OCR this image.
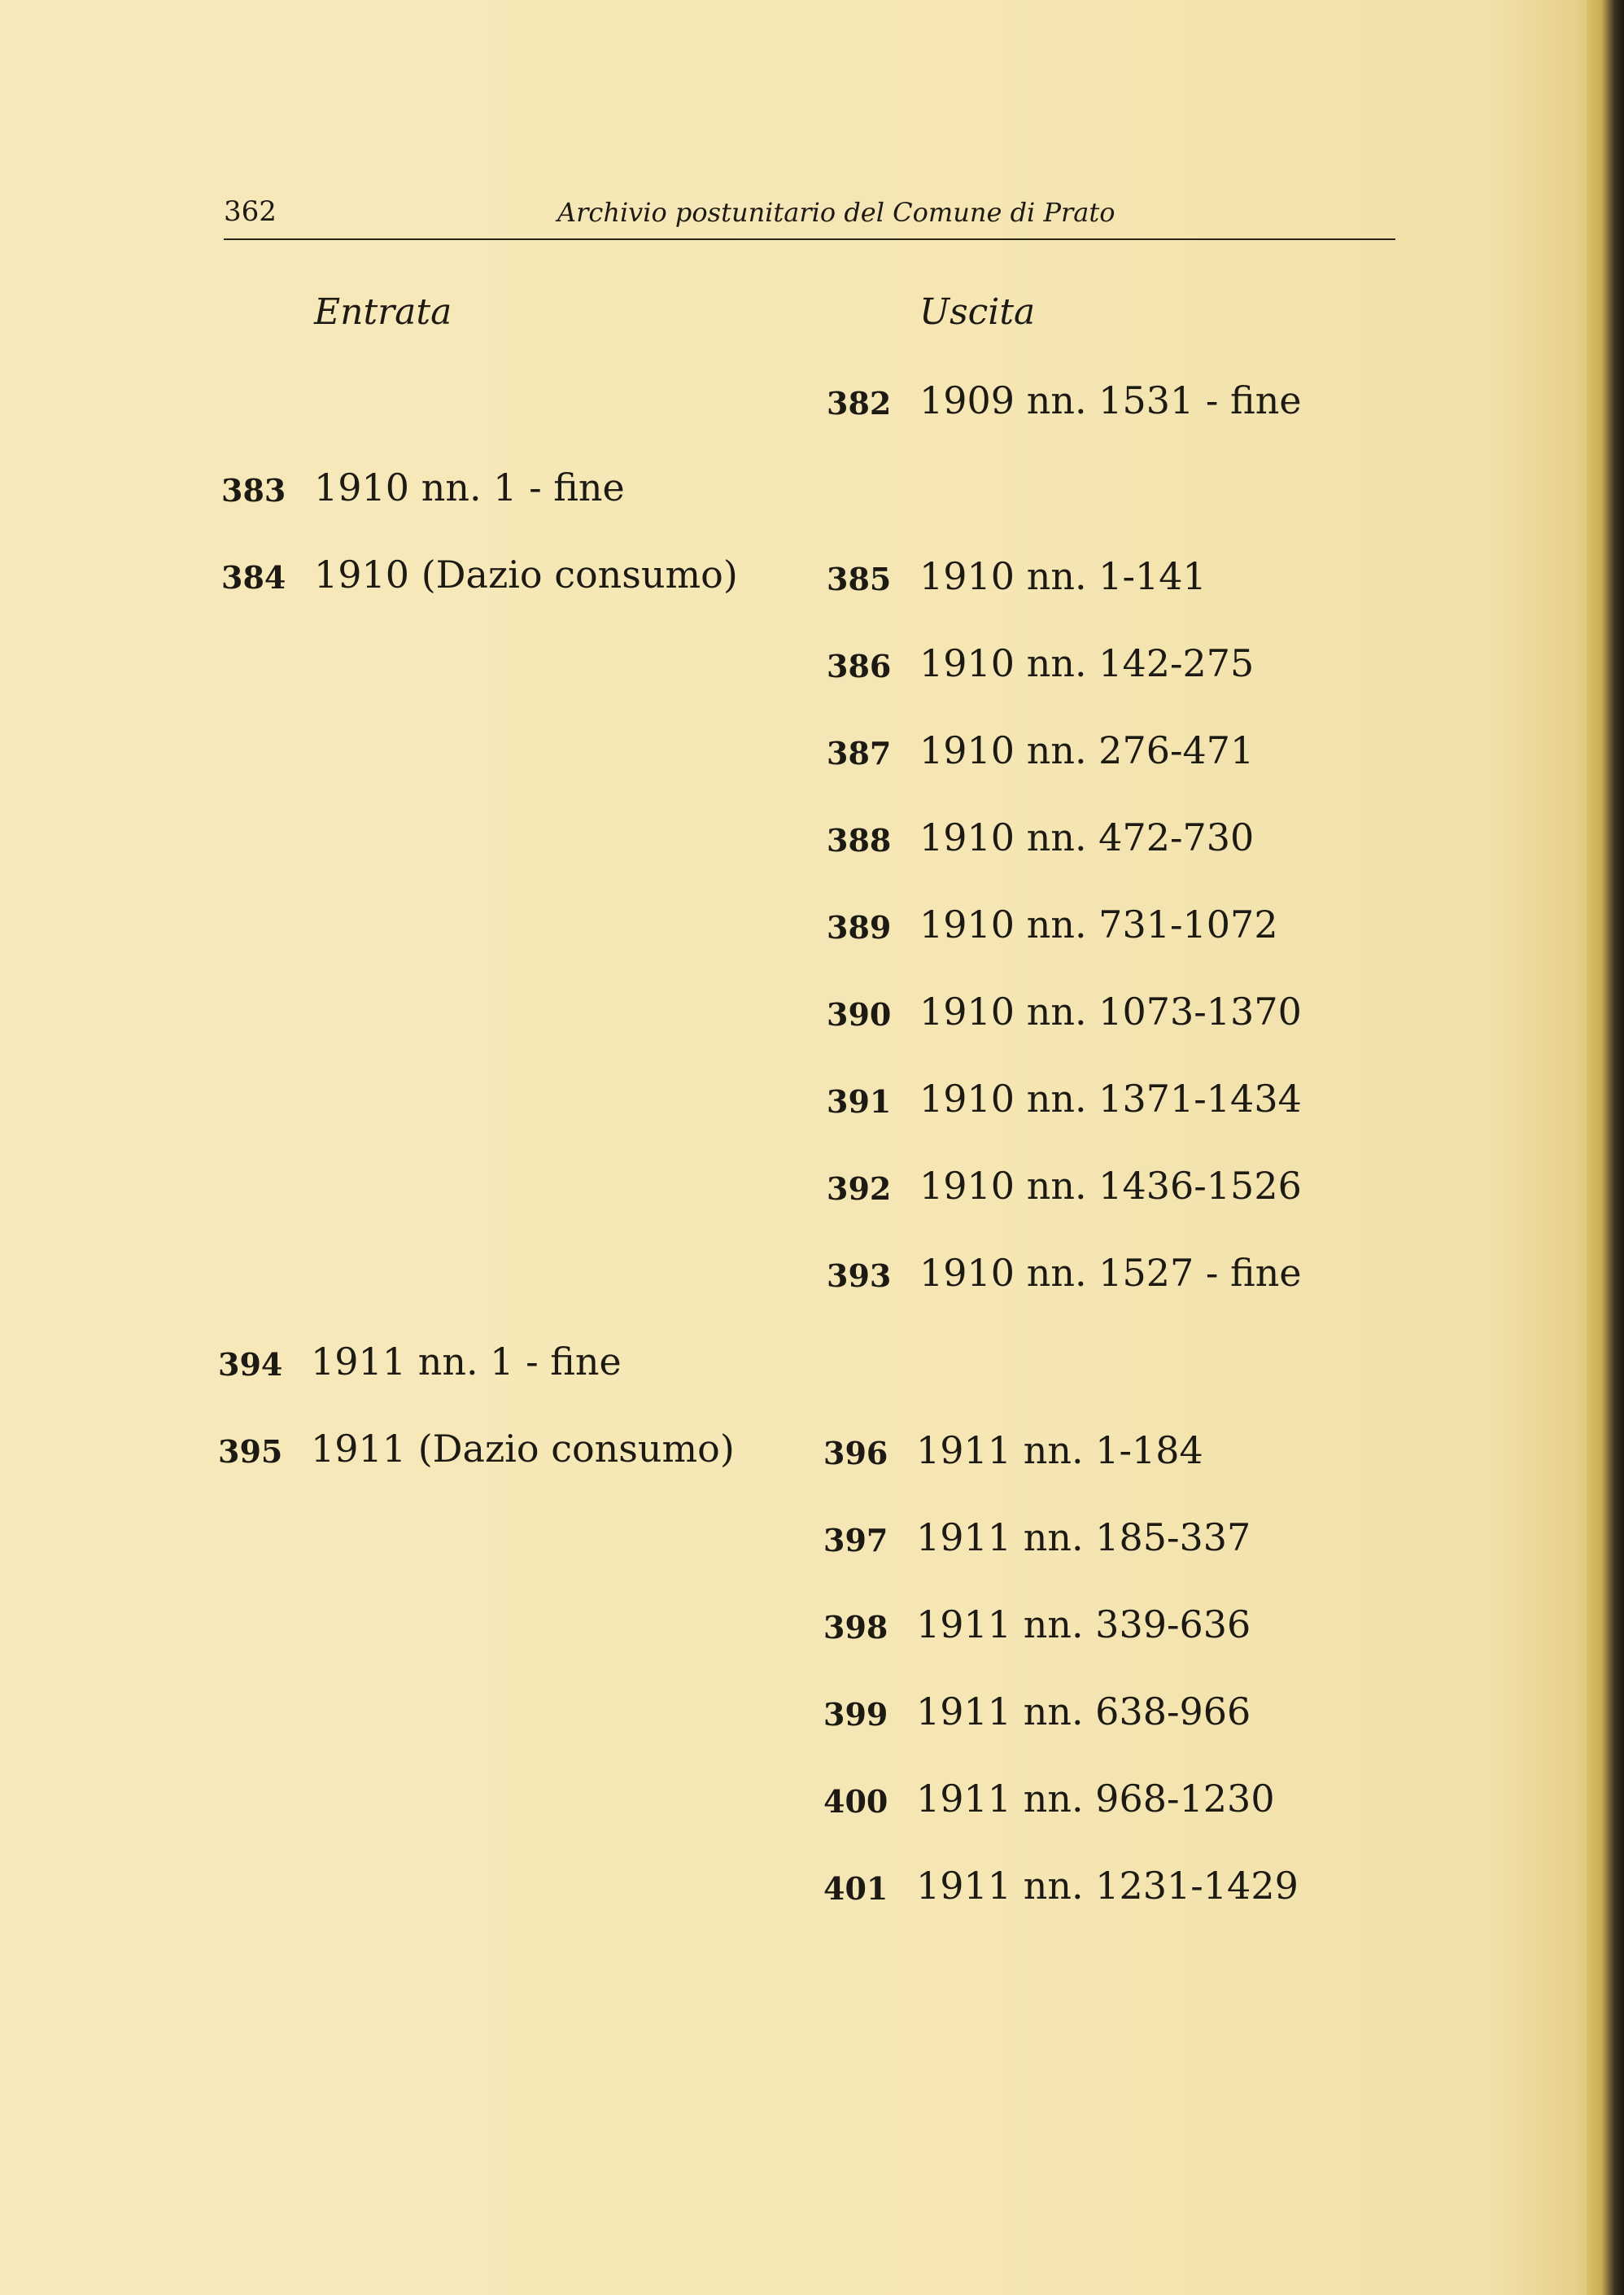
362	Archivio postunitario del Comune di Prato
Entrata	Uscita
383 1910 nn. 1 - fine
384 1910 (Dazio consumo)
394 1911 nn. 1 - fine
395 1911 (Dazio consumo)
382 1909 nn. 1531 - fine
385 1910 nn. 1-141
386 1910 nn. 142-275
387 1910 nn. 276-471
388 1910 nn. 472-730
389 1910 nn. 731-1072
390 1910 nn. 1073-1370
391 1910 nn. 1371-1434
392 1910 nn. 1436-1526
393 1910 nn. 1527 - fine
396 1911 nn. 1-184
397 1911 nn. 185-337
398 1911 nn. 339-636
399 1911 nn. 638-966
400 1911 nn. 968-1230
401 1911 nn. 1231-1429
